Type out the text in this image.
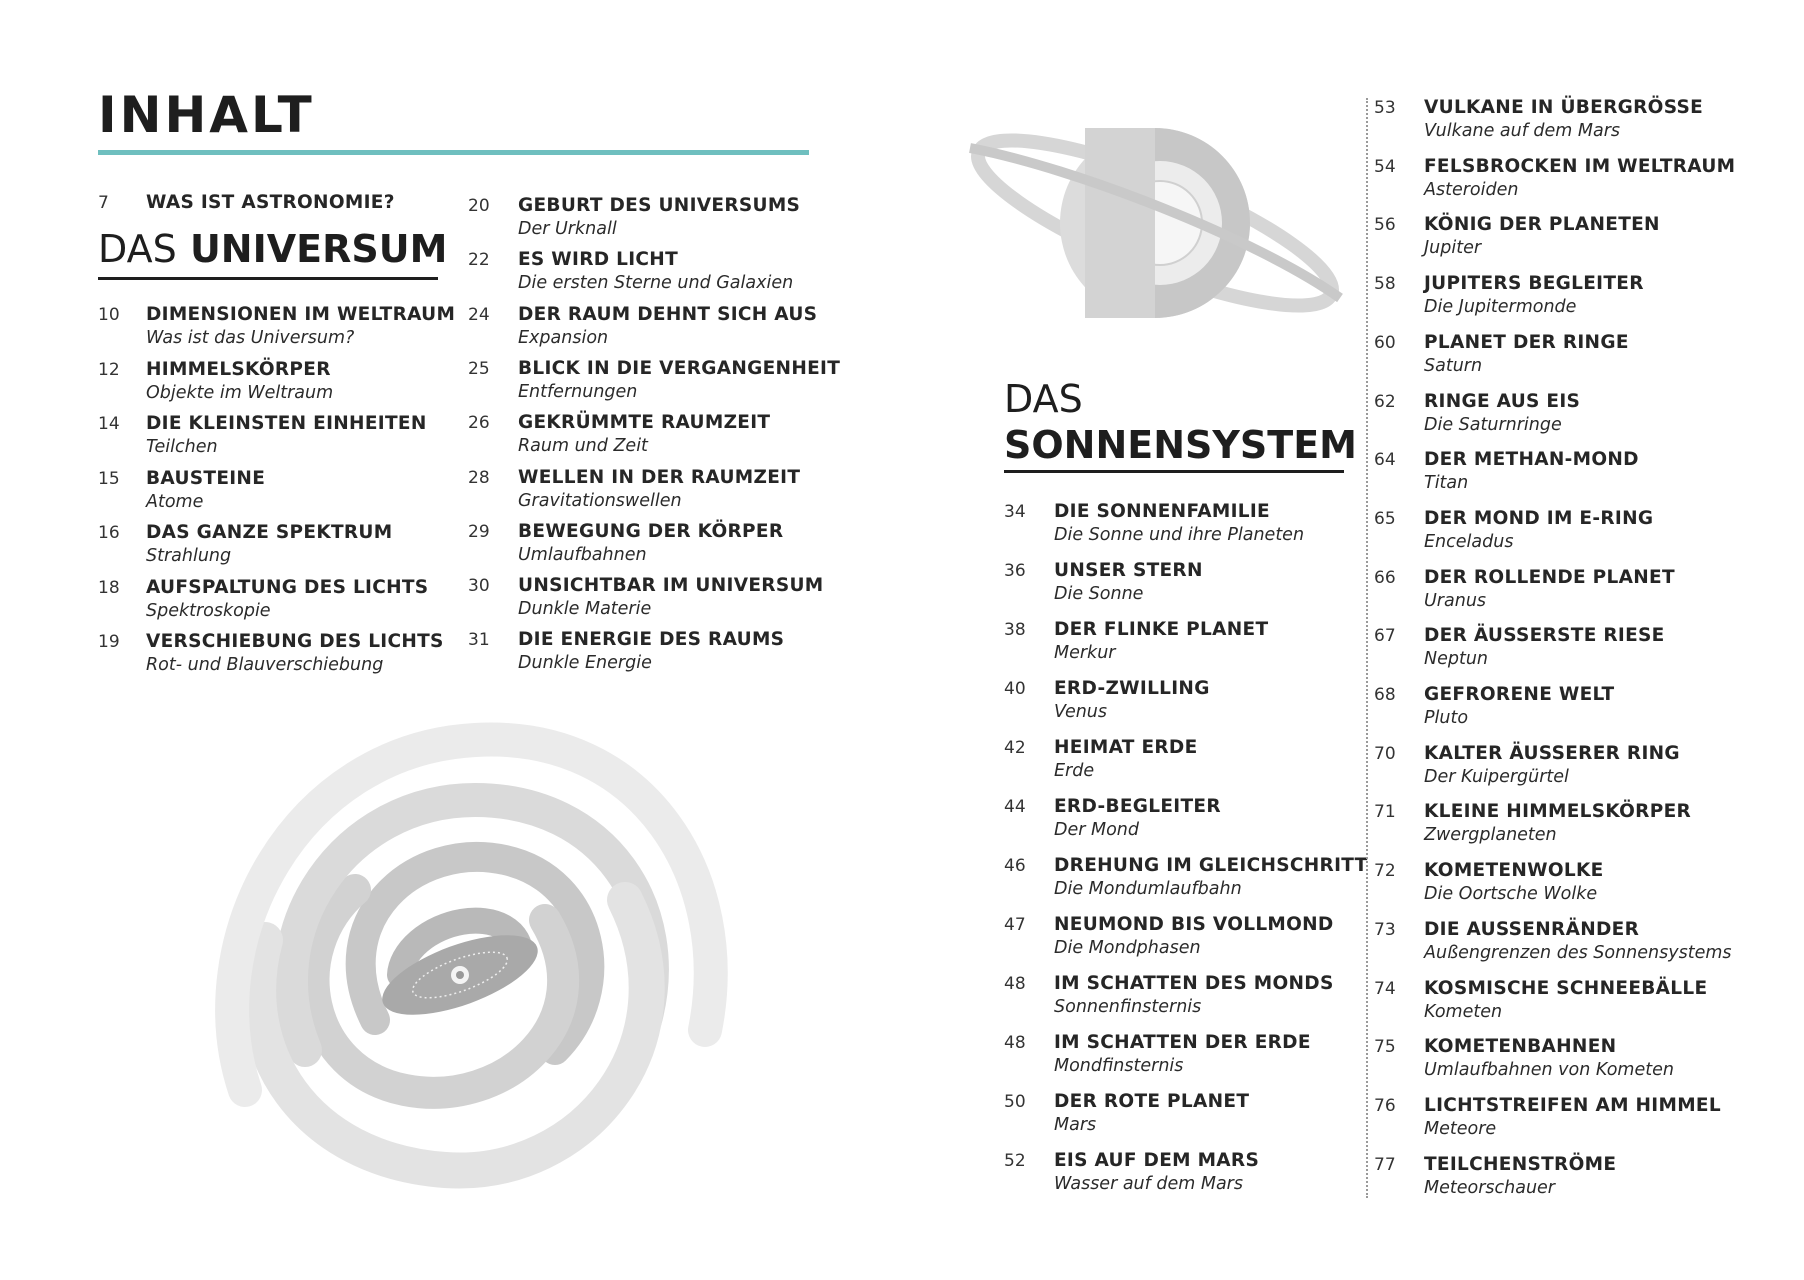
INHALT
7	WAS IST ASTRONOMIE?
DAS UNIVERSUM
10	DIMENSIONEN IM WELTRAUM
Was ist das Universum?
12	HIMMELSKÖRPER
Objekte im Weltraum
14	DIE KLEINSTEN EINHEITEN
Teilchen
15	BAUSTEINE
Atome
16	DAS GANZE SPEKTRUM
Strahlung
18	AUFSPALTUNG DES LICHTS
Spektroskopie
19	VERSCHIEBUNG DES LICHTS
Rot- und Blauverschiebung
20	GEBURT DES UNIVERSUMS
Der Urknall
22	ES WIRD LICHT
Die ersten Sterne und Galaxien
24	DER RAUM DEHNT SICH AUS
Expansion
25	BLICK IN DIE VERGANGENHEIT
Entfernungen
26	GEKRÜMMTE RAUMZEIT
Raum und Zeit
28	WELLEN IN DER RAUMZEIT
Gravitationswellen
29	BEWEGUNG DER KÖRPER
Umlaufbahnen
30	UNSICHTBAR IM UNIVERSUM
Dunkle Materie
31	DIE ENERGIE DES RAUMS
Dunkle Energie
34	DIE SONNENFAMILIE
Die Sonne und ihre Planeten
36	UNSER STERN
Die Sonne
38	DER FLINKE PLANET
Merkur
40	ERD-ZWILLING
Venus
42	HEIMAT ERDE
Erde
44	ERD-BEGLEITER
Der Mond
46	DREHUNG IM GLEICHSCHRITT
Die Mondumlaufbahn
47	NEUMOND BIS VOLLMOND
Die Mondphasen
48	IM SCHATTEN DES MONDS
Sonnenfinsternis
48	IM SCHATTEN DER ERDE
Mondfinsternis
50	DER ROTE PLANET
Mars
52	EIS AUF DEM MARS
Wasser auf dem Mars
53	VULKANE IN ÜBERGRÖSSE
Vulkane auf dem Mars
54	FELSBROCKEN IM WELTRAUM
Asteroiden
56	KÖNIG DER PLANETEN
Jupiter
58	JUPITERS BEGLEITER
Die Jupitermonde
60	PLANET DER RINGE
Saturn
62	RINGE AUS EIS
Die Saturnringe
64	DER METHAN-MOND
Titan
65	DER MOND IM E-RING
Enceladus
66	DER ROLLENDE PLANET
Uranus
67	DER ÄUSSERSTE RIESE
Neptun
68	GEFRORENE WELT
Pluto
70	KALTER ÄUSSERER RING
Der Kuipergürtel
71	KLEINE HIMMELSKÖRPER
Zwergplaneten
72	KOMETENWOLKE
Die Oortsche Wolke
73	DIE AUSSENRÄNDER
Außengrenzen des Sonnensystems
74	KOSMISCHE SCHNEEBÄLLE
Kometen
75	KOMETENBAHNEN
Umlaufbahnen von Kometen
76	LICHTSTREIFEN AM HIMMEL
Meteore
77	TEILCHENSTRÖME
Meteorschauer
DAS
SONNENSYSTEM
